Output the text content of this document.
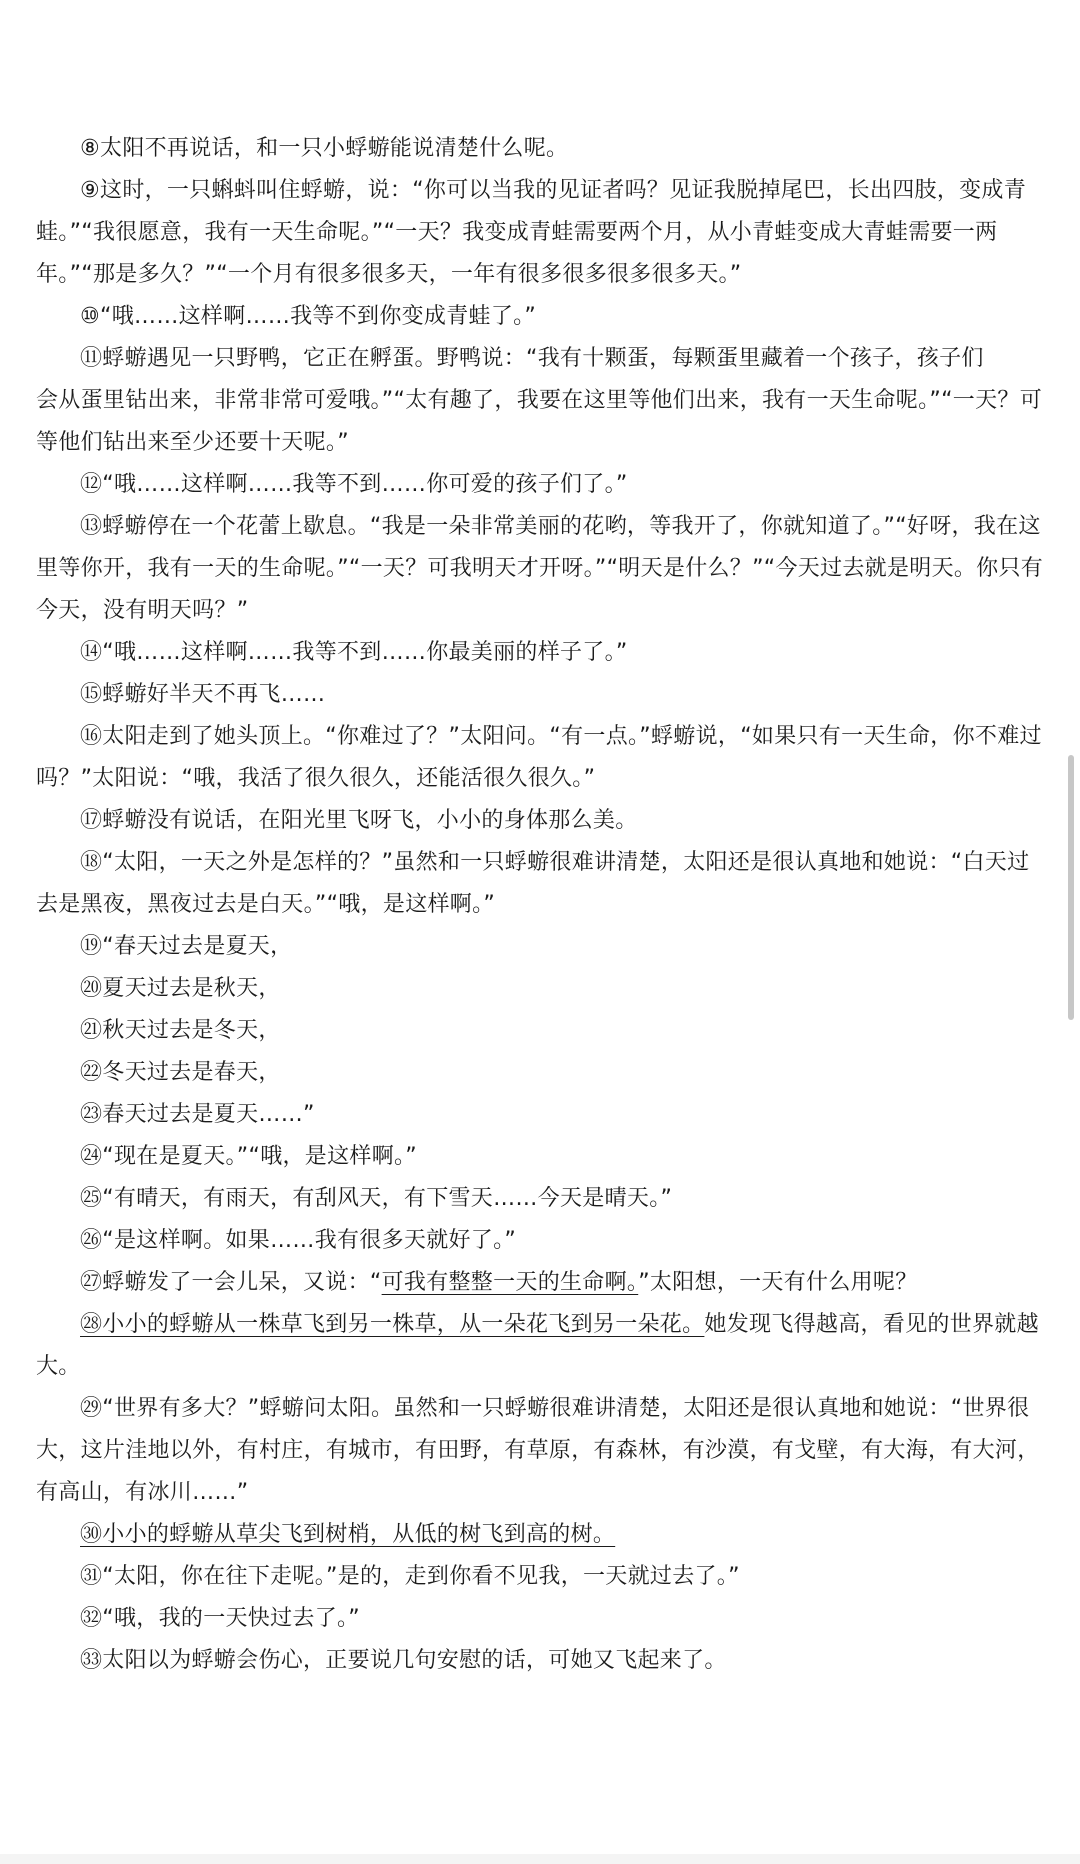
⑧太阳不再说话，和一只小蜉蝣能说清楚什么呢。

⑨这时，一只蝌蚪叫住蜉蝣，说：“你可以当我的见证者吗？见证我脱掉尾巴，长出四肢，变成青蛙。”“我很愿意，我有一天生命呢。”“一天？我变成青蛙需要两个月，从小青蛙变成大青蛙需要一两年。”“那是多久？”“一个月有很多很多天，一年有很多很多很多很多天。”

⑩“哦……这样啊……我等不到你变成青蛙了。”

⑪蜉蝣遇见一只野鸭，它正在孵蛋。野鸭说：“我有十颗蛋，每颗蛋里藏着一个孩子，孩子们　　会从蛋里钻出来，非常非常可爱哦。”“太有趣了，我要在这里等他们出来，我有一天生命呢。”“一天？可等他们钻出来至少还要十天呢。”

⑫“哦……这样啊……我等不到……你可爱的孩子们了。”

⑬蜉蝣停在一个花蕾上歇息。“我是一朵非常美丽的花哟，等我开了，你就知道了。”“好呀，我在这里等你开，我有一天的生命呢。”“一天？可我明天才开呀。”“明天是什么？”“今天过去就是明天。你只有今天，没有明天吗？”

⑭“哦……这样啊……我等不到……你最美丽的样子了。”

⑮蜉蝣好半天不再飞……

⑯太阳走到了她头顶上。“你难过了？”太阳问。“有一点。”蜉蝣说，“如果只有一天生命，你不难过吗？”太阳说：“哦，我活了很久很久，还能活很久很久。”

⑰蜉蝣没有说话，在阳光里飞呀飞，小小的身体那么美。

⑱“太阳，一天之外是怎样的？”虽然和一只蜉蝣很难讲清楚，太阳还是很认真地和她说：“白天过去是黑夜，黑夜过去是白天。”“哦，是这样啊。”

⑲“春天过去是夏天，

⑳夏天过去是秋天，

㉑秋天过去是冬天，

㉒冬天过去是春天，

㉓春天过去是夏天……”

㉔“现在是夏天。”“哦，是这样啊。”

㉕“有晴天，有雨天，有刮风天，有下雪天……今天是晴天。”

㉖“是这样啊。如果……我有很多天就好了。”

㉗蜉蝣发了一会儿呆，又说：“可我有整整一天的生命啊。”太阳想，一天有什么用呢？

㉘小小的蜉蝣从一株草飞到另一株草，从一朵花飞到另一朵花。她发现飞得越高，看见的世界就越大。

㉙“世界有多大？”蜉蝣问太阳。虽然和一只蜉蝣很难讲清楚，太阳还是很认真地和她说：“世界很大，这片洼地以外，有村庄，有城市，有田野，有草原，有森林，有沙漠，有戈壁，有大海，有大河，有高山，有冰川……”

㉚小小的蜉蝣从草尖飞到树梢，从低的树飞到高的树。

㉛“太阳，你在往下走呢。”是的，走到你看不见我，一天就过去了。”

㉜“哦，我的一天快过去了。”

㉝太阳以为蜉蝣会伤心，正要说几句安慰的话，可她又飞起来了。
